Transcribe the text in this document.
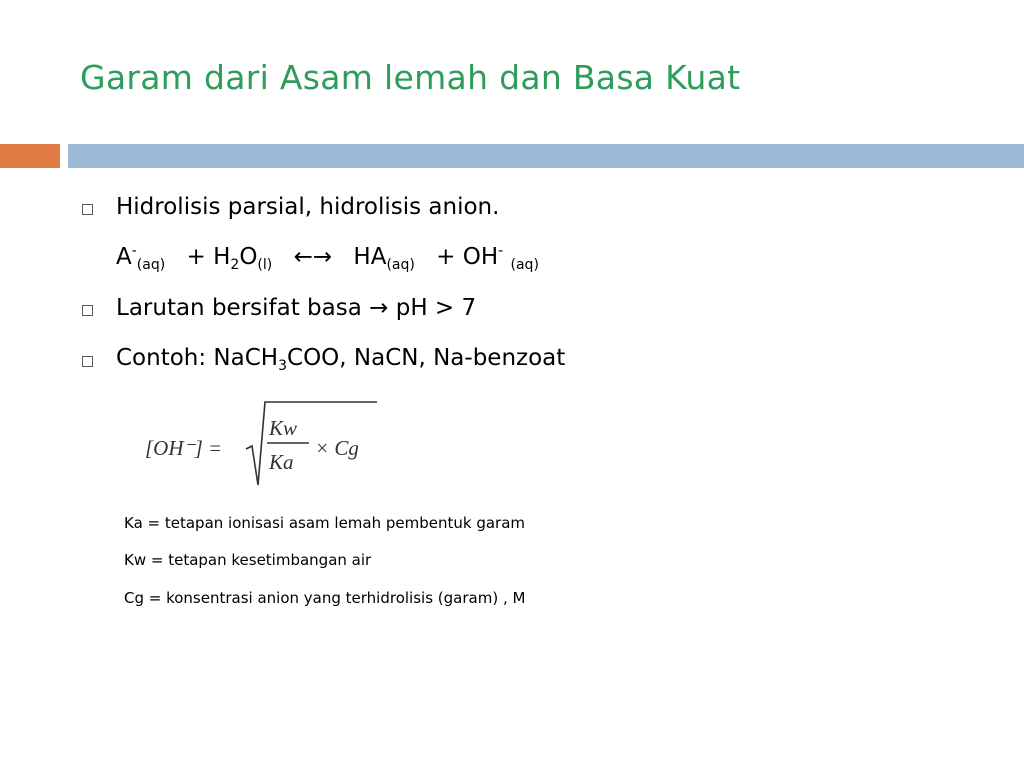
Garam dari Asam lemah dan Basa Kuat
Hidrolisis parsial, hidrolisis anion.
$A^-_{(aq)} + H_2O_{(l)}$ ←→ $HA_{(aq)} + OH^-$ $_{(aq)}$
Larutan bersifat basa → pH > 7
Contoh: NaCH$_3$COO, NaCN, Na-benzoat
[OH⁻] =
Kw
Ka
× Cg
Ka = tetapan ionisasi asam lemah pembentuk garam
Kw = tetapan kesetimbangan air
Cg = konsentrasi anion yang terhidrolisis (garam) , M
